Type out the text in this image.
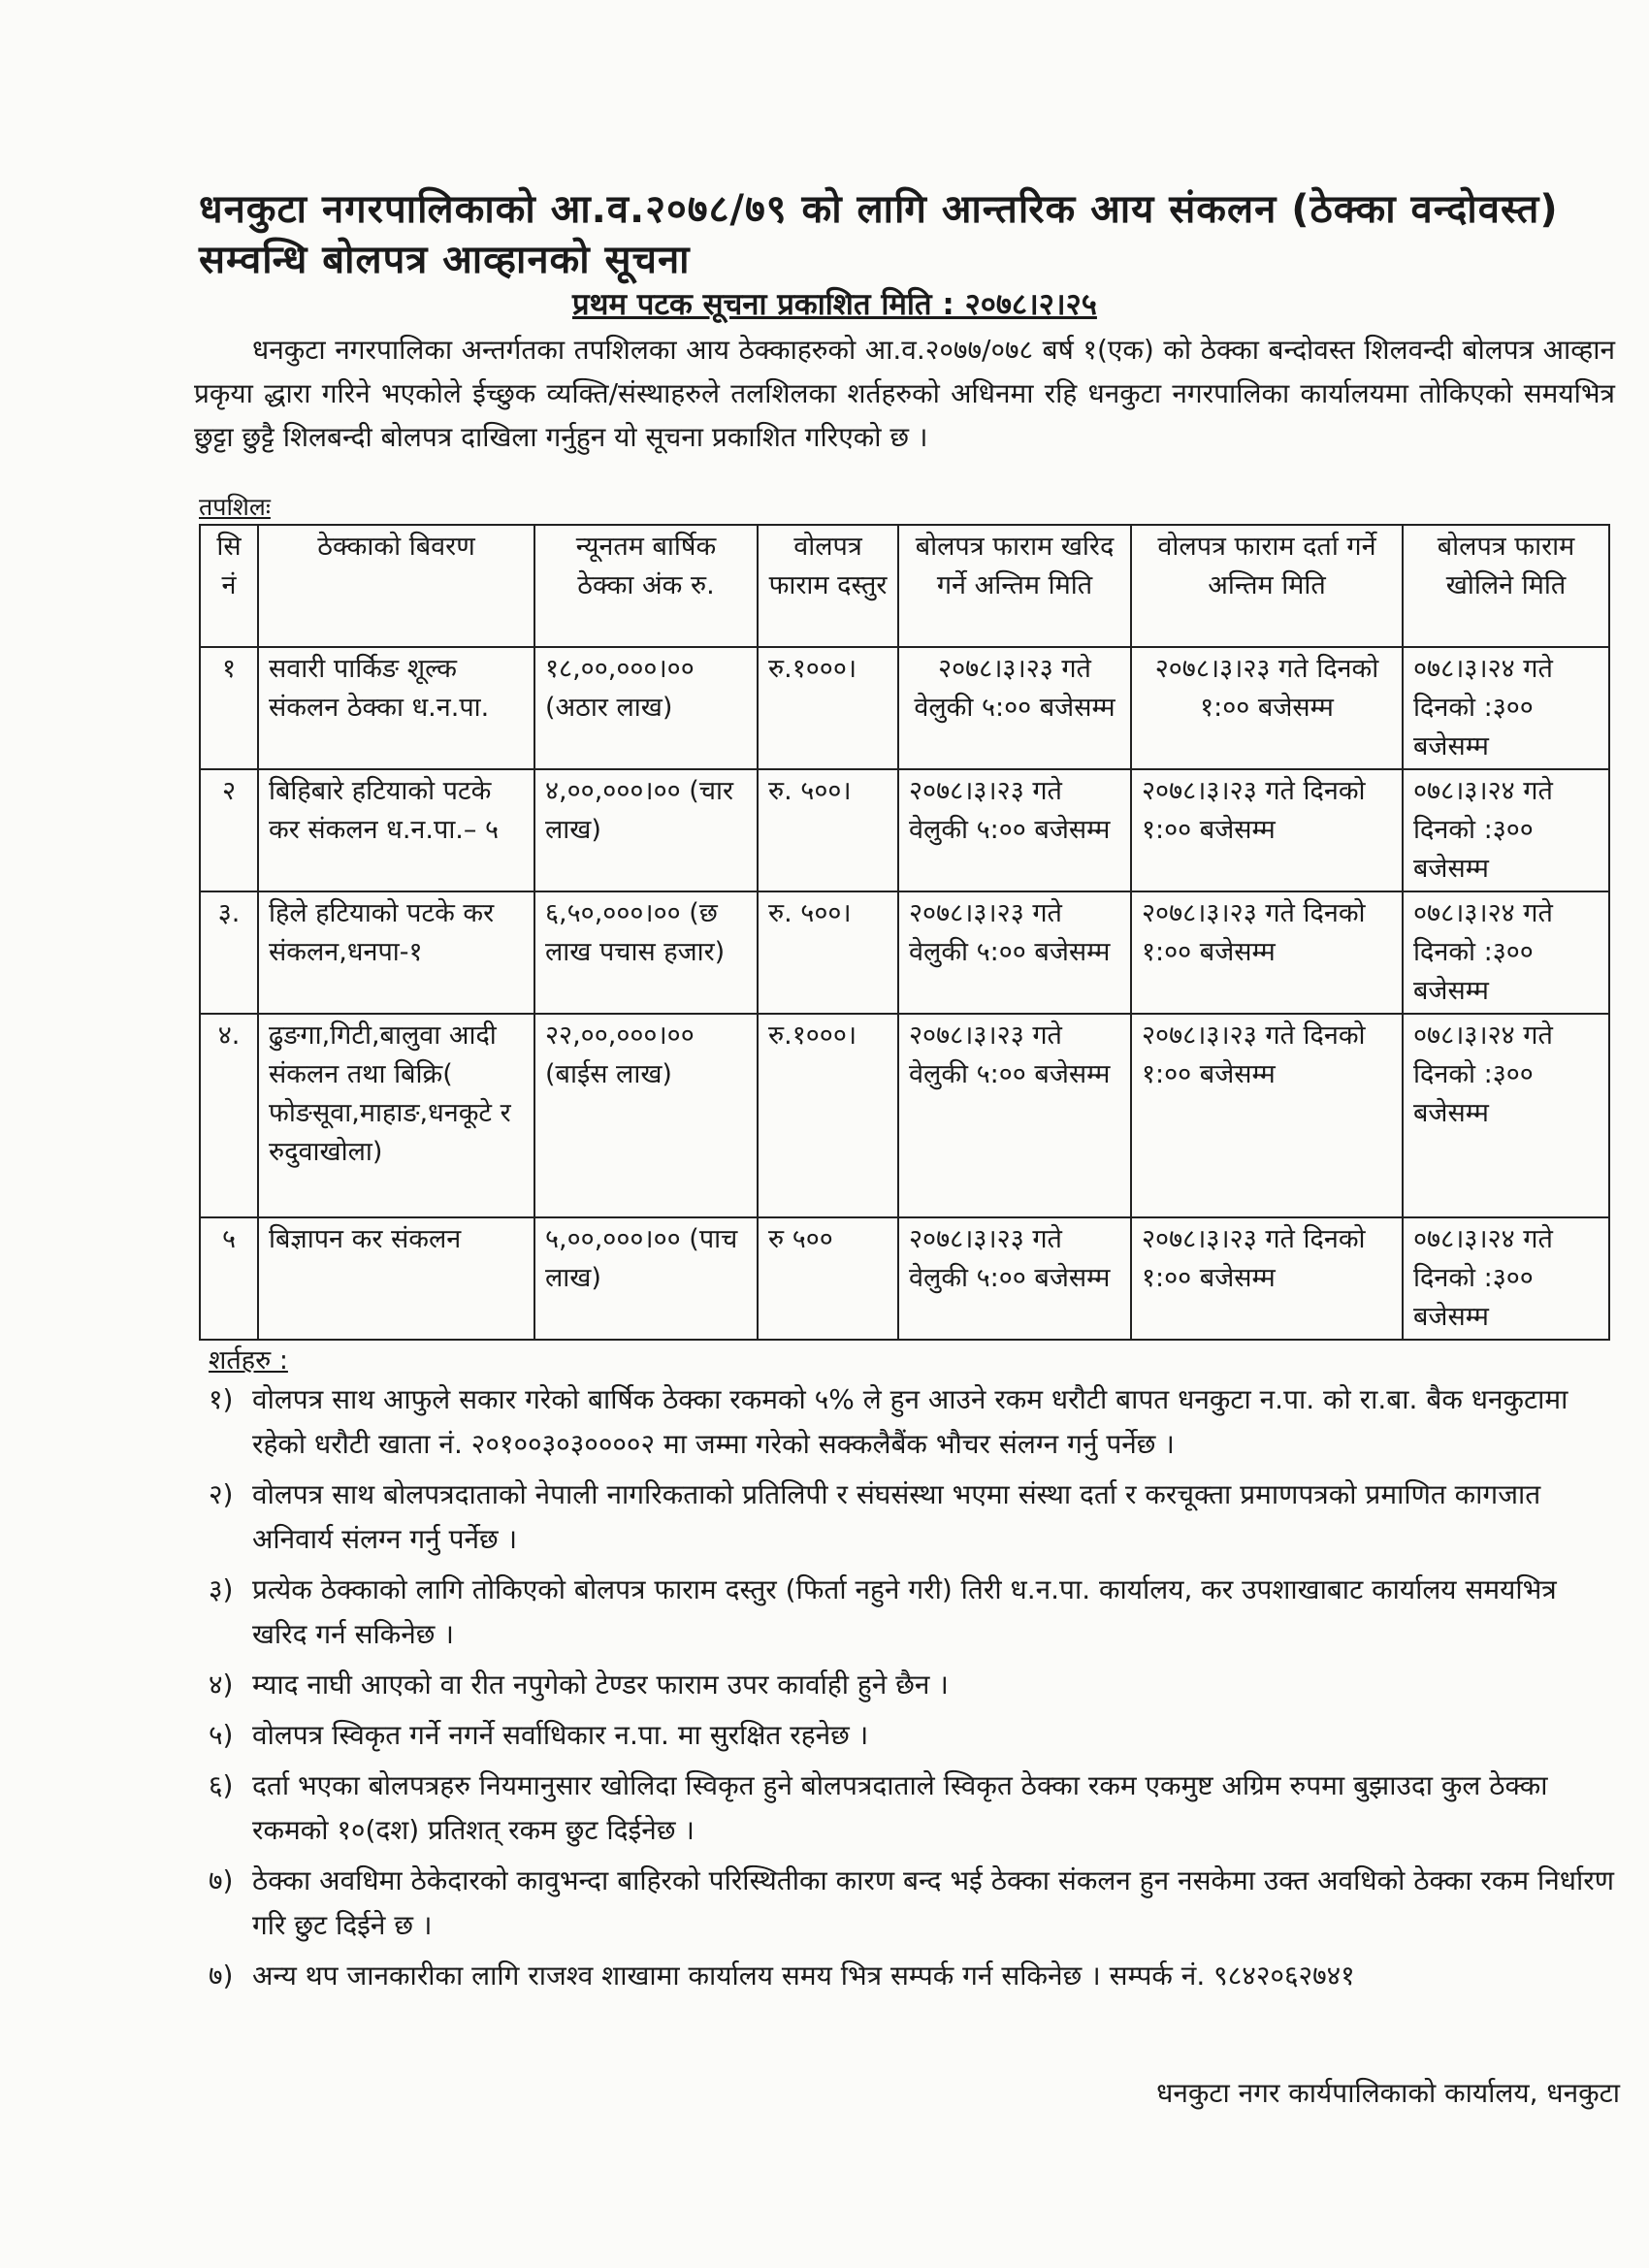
धनकुटा नगरपालिकाको आ.व.२०७८/७९ को लागि आन्तरिक आय संकलन (ठेक्का वन्दोवस्त) सम्वन्धि बोलपत्र आव्हानको सूचना
प्रथम पटक सूचना प्रकाशित मिति : २०७८।२।२५
धनकुटा नगरपालिका अन्तर्गतका तपशिलका आय ठेक्काहरुको आ.व.२०७७/०७८ बर्ष १(एक) को ठेक्का बन्दोवस्त शिलवन्दी बोलपत्र आव्हान प्रकृया द्धारा गरिने भएकोले ईच्छुक व्यक्ति/संस्थाहरुले तलशिलका शर्तहरुको अधिनमा रहि धनकुटा नगरपालिका कार्यालयमा तोकिएको समयभित्र छुट्टा छुट्टै शिलबन्दी बोलपत्र दाखिला गर्नुहुन यो सूचना प्रकाशित गरिएको छ ।
तपशिलः
सि नं	ठेक्काको बिवरण	न्यूनतम बार्षिक ठेक्का अंक रु.	वोलपत्र फाराम दस्तुर	बोलपत्र फाराम खरिद गर्ने अन्तिम मिति	वोलपत्र फाराम दर्ता गर्ने अन्तिम मिति	बोलपत्र फाराम खोलिने मिति
१	सवारी पार्किङ शूल्क संकलन ठेक्का ध.न.पा.	१८,००,०००।०० (अठार लाख)	रु.१०००।	२०७८।३।२३ गते वेलुकी ५:०० बजेसम्म	२०७८।३।२३ गते दिनको १:०० बजेसम्म	०७८।३।२४ गते दिनको :३०० बजेसम्म
२	बिहिबारे हटियाको पटके कर संकलन ध.न.पा.– ५	४,००,०००।०० (चार लाख)	रु. ५००।	२०७८।३।२३ गते वेलुकी ५:०० बजेसम्म	२०७८।३।२३ गते दिनको १:०० बजेसम्म	०७८।३।२४ गते दिनको :३०० बजेसम्म
३.	हिले हटियाको पटके कर संकलन,धनपा-१	६,५०,०००।०० (छ लाख पचास हजार)	रु. ५००।	२०७८।३।२३ गते वेलुकी ५:०० बजेसम्म	२०७८।३।२३ गते दिनको १:०० बजेसम्म	०७८।३।२४ गते दिनको :३०० बजेसम्म
४.	ढुङगा,गिटी,बालुवा आदी संकलन तथा बिक्रि( फोङसूवा,माहाङ,धनकूटे र रुदुवाखोला)	२२,००,०००।०० (बाईस लाख)	रु.१०००।	२०७८।३।२३ गते वेलुकी ५:०० बजेसम्म	२०७८।३।२३ गते दिनको १:०० बजेसम्म	०७८।३।२४ गते दिनको :३०० बजेसम्म
५	बिज्ञापन कर संकलन	५,००,०००।०० (पाच लाख)	रु ५००	२०७८।३।२३ गते वेलुकी ५:०० बजेसम्म	२०७८।३।२३ गते दिनको १:०० बजेसम्म	०७८।३।२४ गते दिनको :३०० बजेसम्म
शर्तहरु :
१) वोलपत्र साथ आफुले सकार गरेको बार्षिक ठेक्का रकमको ५% ले हुन आउने रकम धरौटी बापत धनकुटा न.पा. को रा.बा. बैक धनकुटामा रहेको धरौटी खाता नं. २०१००३०३००००२ मा जम्मा गरेको सक्कलैबैंक भौचर संलग्न गर्नु पर्नेछ ।
२) वोलपत्र साथ बोलपत्रदाताको नेपाली नागरिकताको प्रतिलिपी र संघसंस्था भएमा संस्था दर्ता र करचूक्ता प्रमाणपत्रको प्रमाणित कागजात अनिवार्य संलग्न गर्नु पर्नेछ ।
३) प्रत्येक ठेक्काको लागि तोकिएको बोलपत्र फाराम दस्तुर (फिर्ता नहुने गरी) तिरी ध.न.पा. कार्यालय, कर उपशाखाबाट कार्यालय समयभित्र खरिद गर्न सकिनेछ ।
४) म्याद नाघी आएको वा रीत नपुगेको टेण्डर फाराम उपर कार्वाही हुने छैन ।
५) वोलपत्र स्विकृत गर्ने नगर्ने सर्वाधिकार न.पा. मा सुरक्षित रहनेछ ।
६) दर्ता भएका बोलपत्रहरु नियमानुसार खोलिदा स्विकृत हुने बोलपत्रदाताले स्विकृत ठेक्का रकम एकमुष्ट अग्रिम रुपमा बुझाउदा कुल ठेक्का रकमको १०(दश) प्रतिशत् रकम छुट दिईनेछ ।
७) ठेक्का अवधिमा ठेकेदारको कावुभन्दा बाहिरको परिस्थितीका कारण बन्द भई ठेक्का संकलन हुन नसकेमा उक्त अवधिको ठेक्का रकम निर्धारण गरि छुट दिईने छ ।
७) अन्य थप जानकारीका लागि राजश्व शाखामा कार्यालय समय भित्र सम्पर्क गर्न सकिनेछ । सम्पर्क नं. ९८४२०६२७४१
धनकुटा नगर कार्यपालिकाको कार्यालय, धनकुटा
